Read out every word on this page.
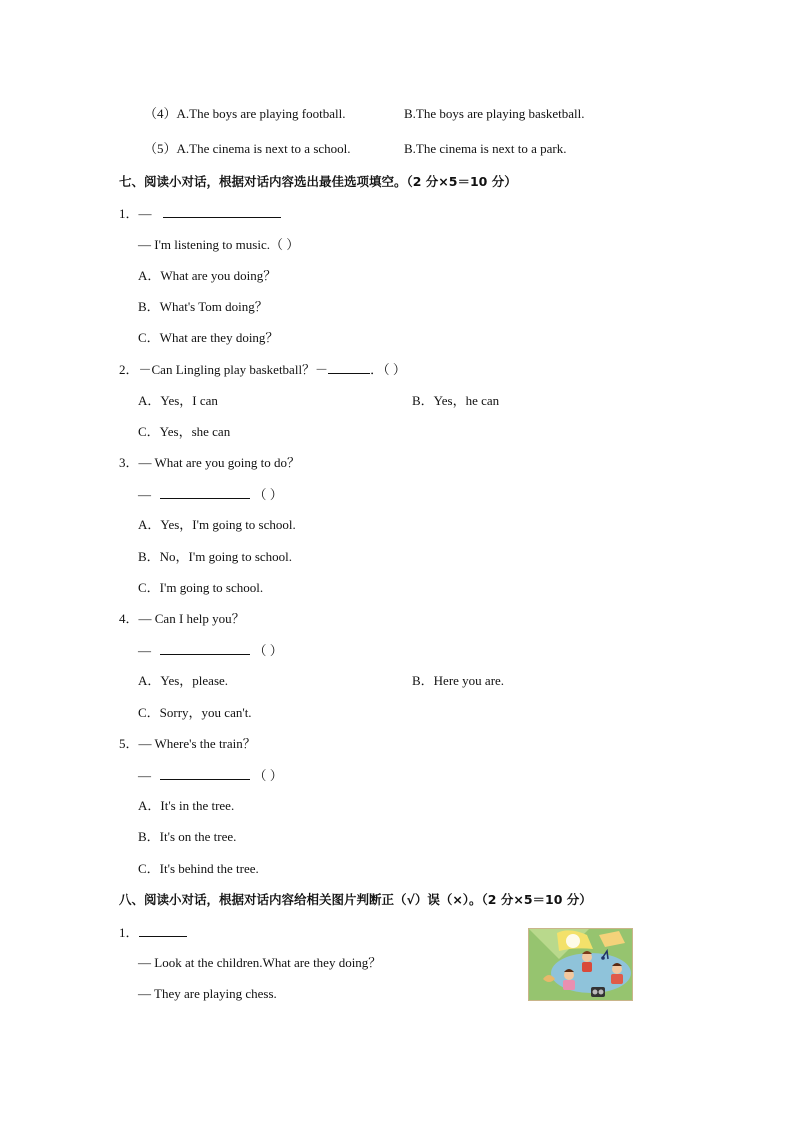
（4）A.The boys are playing football.	B.The boys are playing basketball.
（5）A.The cinema is next to a school.	B.The cinema is next to a park.
七、阅读小对话，根据对话内容选出最佳选项填空。（2 分×5＝10 分）
1．—
— I'm listening to music.（ ）
A．What are you doing？
B．What's Tom doing？
C．What are they doing？
2．－Can Lingling play basketball？－	．（ ）
A．Yes，I can	B．Yes，he can
C．Yes，she can
3．— What are you going to do？
—	（ ）
A．Yes，I'm going to school.
B．No，I'm going to school.
C．I'm going to school.
4．— Can I help you？
—	（ ）
A．Yes，please.	B．Here you are.
C．Sorry，you can't.
5．— Where's the train？
—	（ ）
A．It's in the tree.
B．It's on the tree.
C．It's behind the tree.
八、阅读小对话，根据对话内容给相关图片判断正（√）误（×）。（2 分×5＝10 分）
1．
— Look at the children.What are they doing？
— They are playing chess.
